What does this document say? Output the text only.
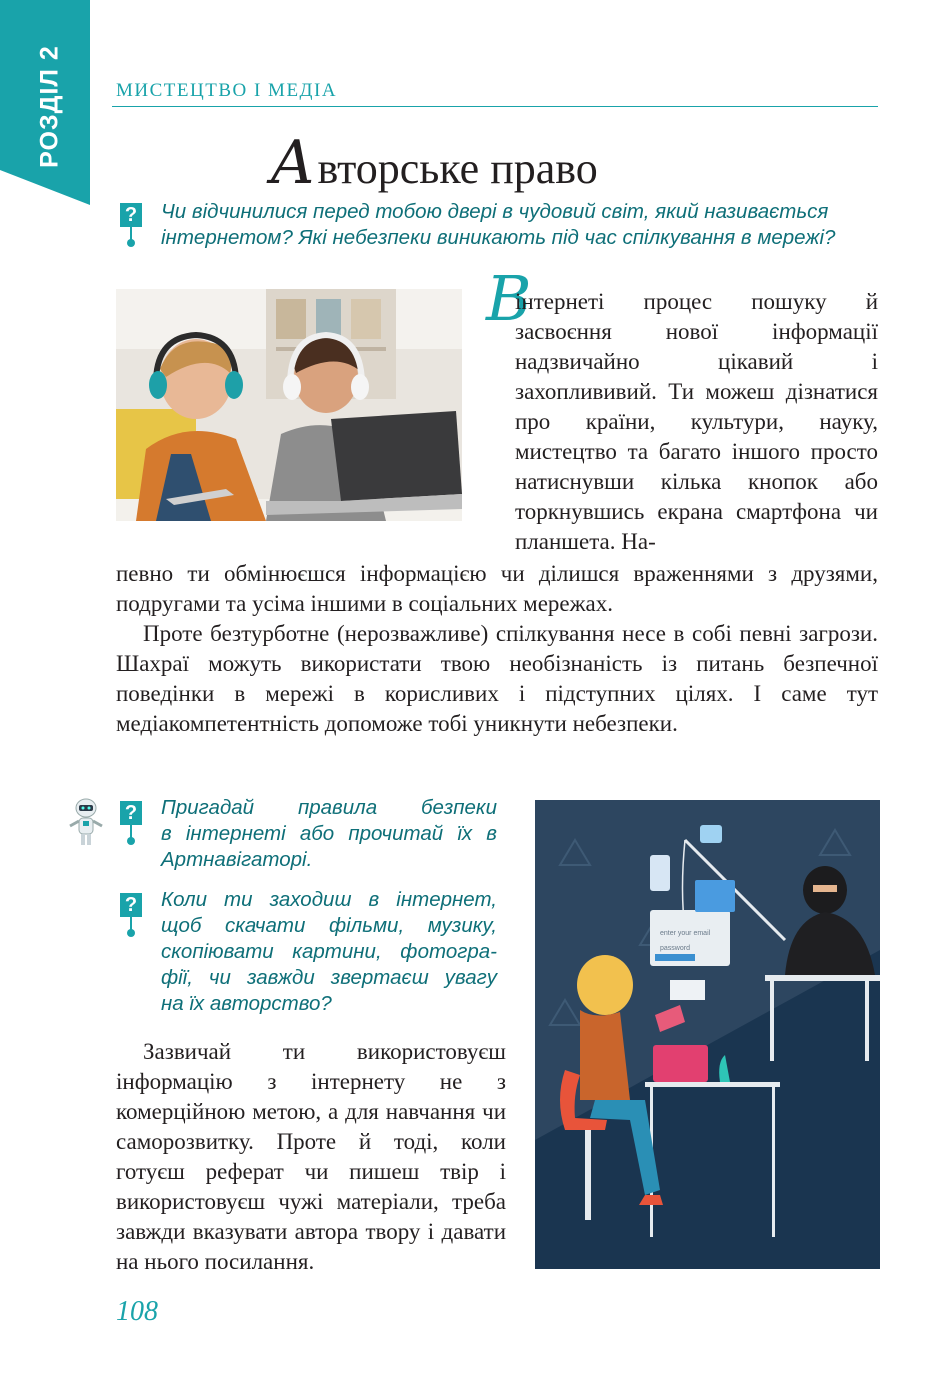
РОЗДІЛ 2	МИСТЕЦТВО І МЕДІА
Авторське право
? Чи відчинилися перед тобою двері в чудовий світ, який називається
інтернетом? Які небезпеки виникають під час спілкування в мережі?
В
інтернеті процес пошуку й засвоєння нової інформації надзвичайно цікавий і захоплививий. Ти можеш дізнатися про країни, культури, науку, мистецтво та багато іншого просто натиснувши кілька кнопок або торкнувшись екрана смартфона чи планшета. На-
певно ти обмінюєшся інформацією чи ділишся враженнями з друзями, подругами та усіма іншими в соціальних мережах.
Проте безтурботне (нерозважливе) спілкування несе в собі певні загрози. Шахраї можуть використати твою необізнаність із питань безпечної поведінки в мережі в корисливих і підступних цілях. І саме тут медіакомпетентність допоможе тобі уникнути небезпеки.
? Пригадай правила безпеки
в інтернеті або прочитай їх в
Артнавігаторі.
? Коли ти заходиш в інтернет,
щоб скачати фільми, музику,
скопіювати картини, фотогра-
фії, чи завжди звертаєш увагу
на їх авторство?
Зазвичай ти використовуєш інформацію з інтернету не з комерційною метою, а для навчання чи саморозвитку. Проте й тоді, коли готуєш реферат чи пишеш твір і використовуєш чужі матеріали, треба завжди вказувати автора твору і давати на нього посилання.
enter your email
password
108
